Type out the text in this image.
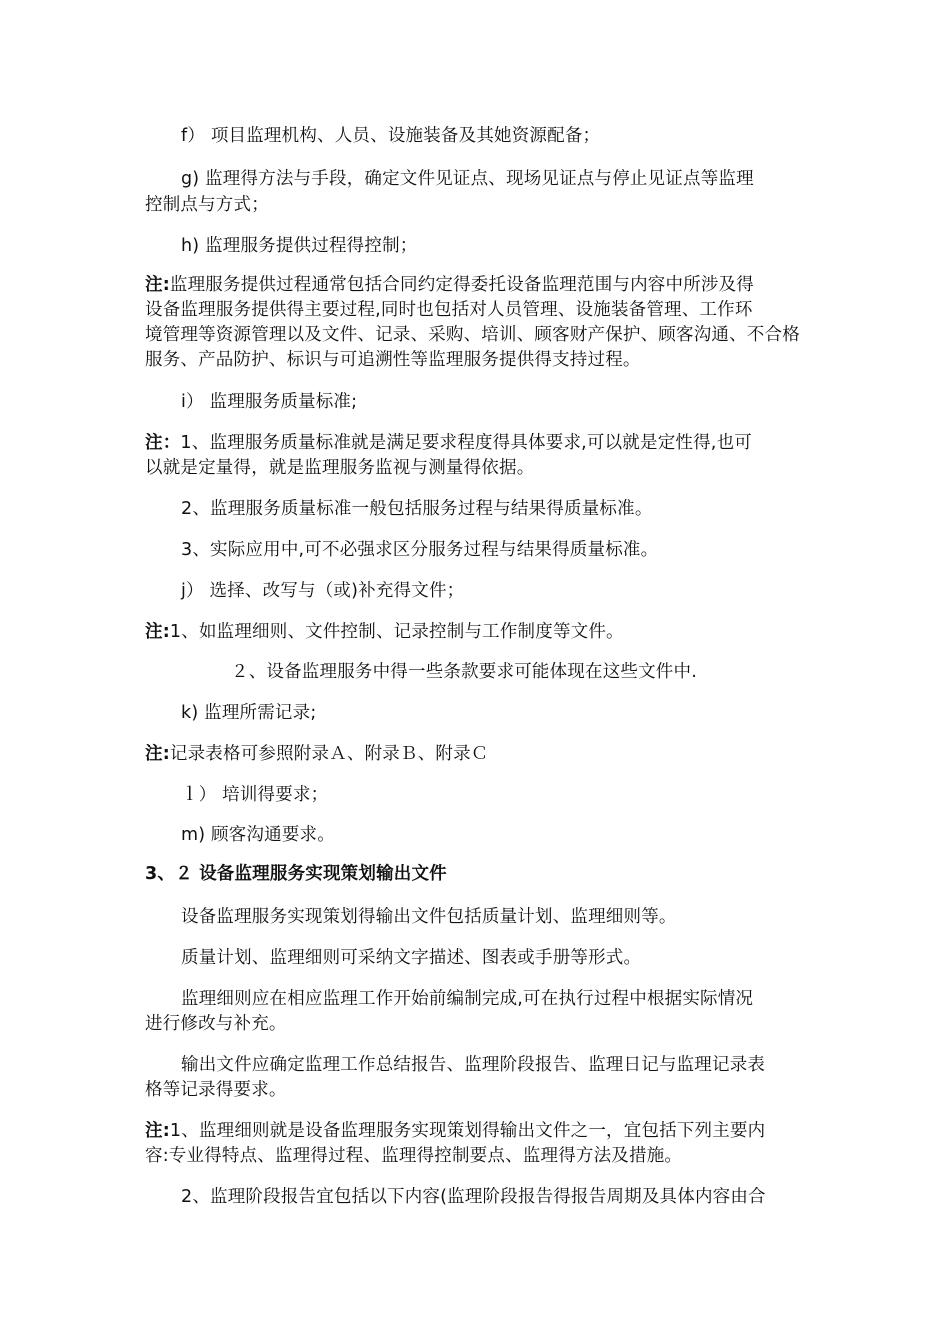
f） 项目监理机构、人员、设施装备及其她资源配备；
g) 监理得方法与手段，确定文件见证点、现场见证点与停止见证点等监理
控制点与方式；
h) 监理服务提供过程得控制；
注:监理服务提供过程通常包括合同约定得委托设备监理范围与内容中所涉及得
设备监理服务提供得主要过程,同时也包括对人员管理、设施装备管理、工作环
境管理等资源管理以及文件、记录、采购、培训、顾客财产保护、顾客沟通、不合格
服务、产品防护、标识与可追溯性等监理服务提供得支持过程。
i） 监理服务质量标准;
注：1、监理服务质量标准就是满足要求程度得具体要求,可以就是定性得,也可
以就是定量得，就是监理服务监视与测量得依据。
2、监理服务质量标准一般包括服务过程与结果得质量标准。
3、实际应用中,可不必强求区分服务过程与结果得质量标准。
j） 选择、改写与（或)补充得文件；
注:1、如监理细则、文件控制、记录控制与工作制度等文件。
２、设备监理服务中得一些条款要求可能体现在这些文件中.
k) 监理所需记录;
注:记录表格可参照附录Ａ、附录Ｂ、附录Ｃ
ｌ） 培训得要求；
m) 顾客沟通要求。
3、２ 设备监理服务实现策划输出文件
设备监理服务实现策划得输出文件包括质量计划、监理细则等。
质量计划、监理细则可采纳文字描述、图表或手册等形式。
监理细则应在相应监理工作开始前编制完成,可在执行过程中根据实际情况
进行修改与补充。
输出文件应确定监理工作总结报告、监理阶段报告、监理日记与监理记录表
格等记录得要求。
注:1、监理细则就是设备监理服务实现策划得输出文件之一，宜包括下列主要内
容:专业得特点、监理得过程、监理得控制要点、监理得方法及措施。
2、监理阶段报告宜包括以下内容(监理阶段报告得报告周期及具体内容由合
